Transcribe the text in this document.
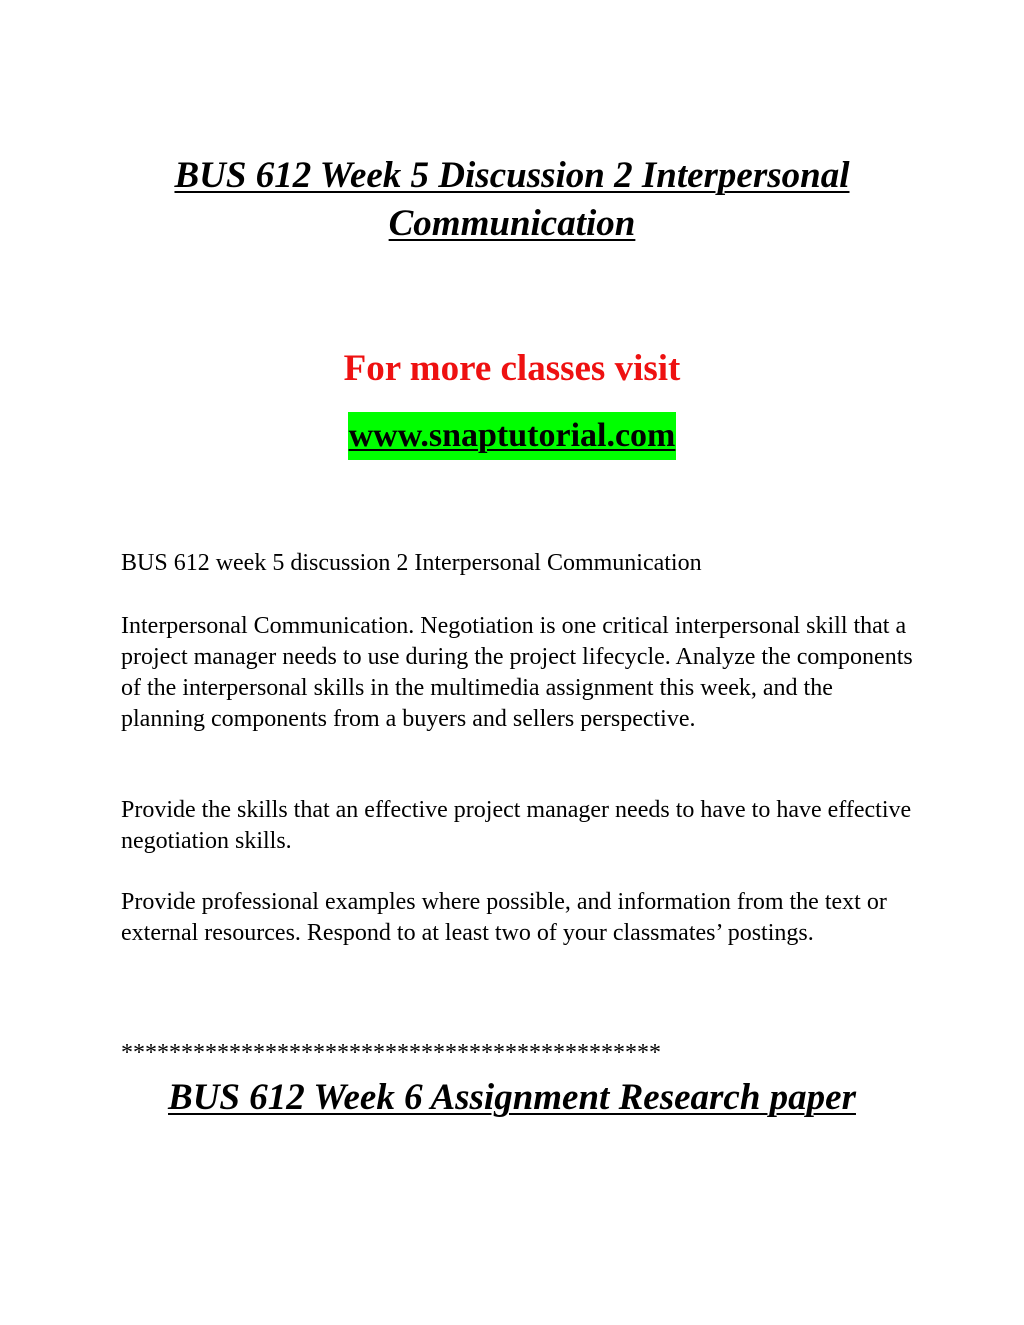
BUS 612 Week 5 Discussion 2 Interpersonal Communication

For more classes visit

www.snaptutorial.com

BUS 612 week 5 discussion 2 Interpersonal Communication

Interpersonal Communication. Negotiation is one critical interpersonal skill that a project manager needs to use during the project lifecycle. Analyze the components of the interpersonal skills in the multimedia assignment this week, and the planning components from a buyers and sellers perspective.

Provide the skills that an effective project manager needs to have to have effective negotiation skills.

Provide professional examples where possible, and information from the text or external resources. Respond to at least two of your classmates’ postings.

*********************************************

BUS 612 Week 6 Assignment Research paper
